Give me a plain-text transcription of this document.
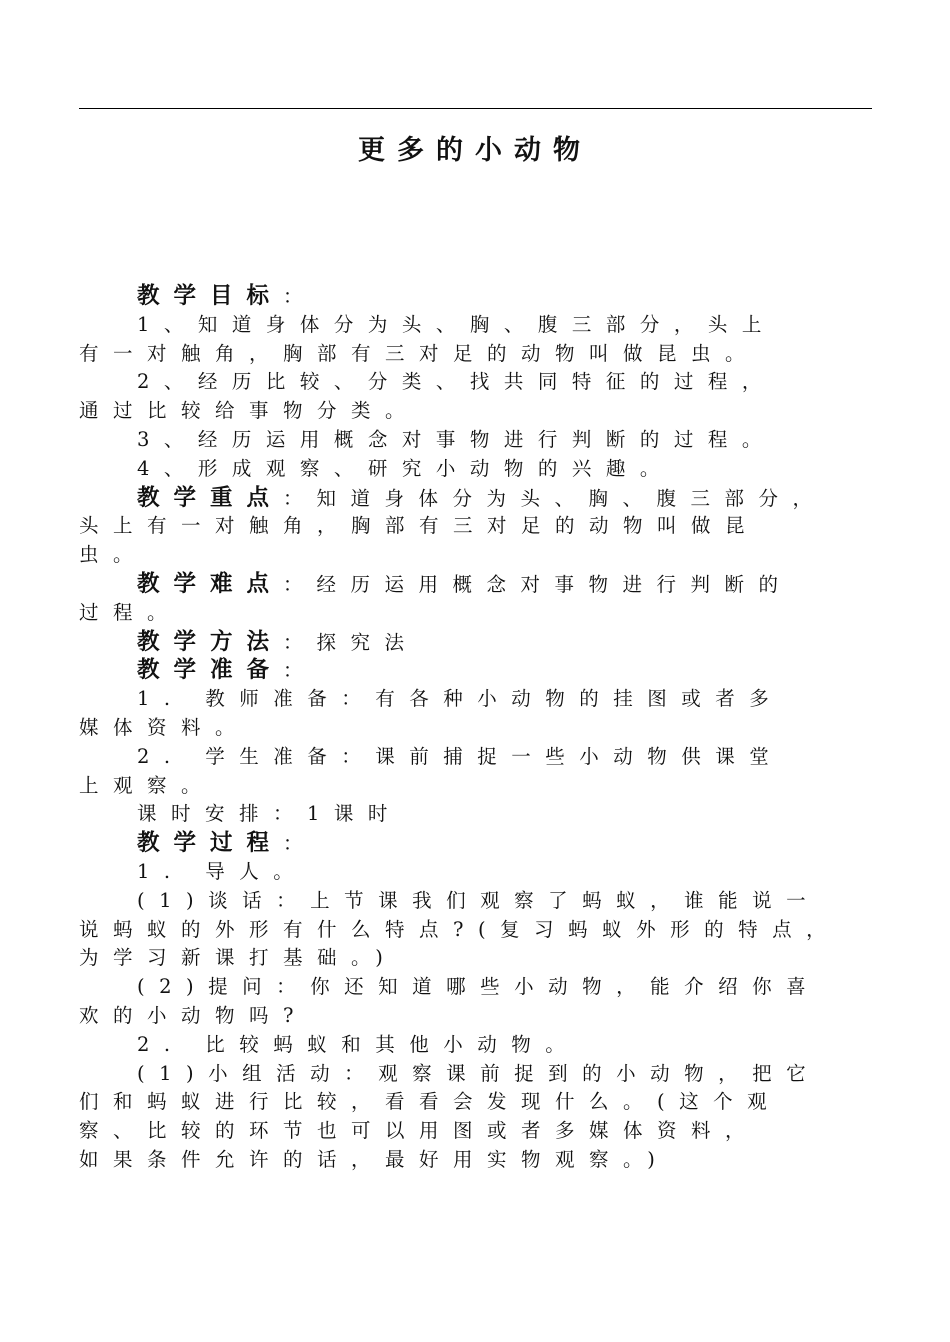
更多的小动物
教学目标：
1、知道身体分为头、胸、腹三部分，头上
有一对触角，胸部有三对足的动物叫做昆虫。
2、经历比较、分类、找共同特征的过程，
通过比较给事物分类。
3、经历运用概念对事物进行判断的过程。
4、形成观察、研究小动物的兴趣。
教学重点：知道身体分为头、胸、腹三部分，
头上有一对触角，胸部有三对足的动物叫做昆
虫。
教学难点：经历运用概念对事物进行判断的
过程。
教学方法：探究法
教学准备：
1. 教师准备：有各种小动物的挂图或者多
媒体资料。
2. 学生准备：课前捕捉一些小动物供课堂
上观察。
课时安排：1课时
教学过程：
1. 导人。
(1)谈话：上节课我们观察了蚂蚁，谁能说一
说蚂蚁的外形有什么特点?(复习蚂蚁外形的特点，
为学习新课打基础。)
(2)提问：你还知道哪些小动物，能介绍你喜
欢的小动物吗?
2. 比较蚂蚁和其他小动物。
(1)小组活动：观察课前捉到的小动物，把它
们和蚂蚁进行比较，看看会发现什么。(这个观
察、比较的环节也可以用图或者多媒体资料，
如果条件允许的话，最好用实物观察。)
